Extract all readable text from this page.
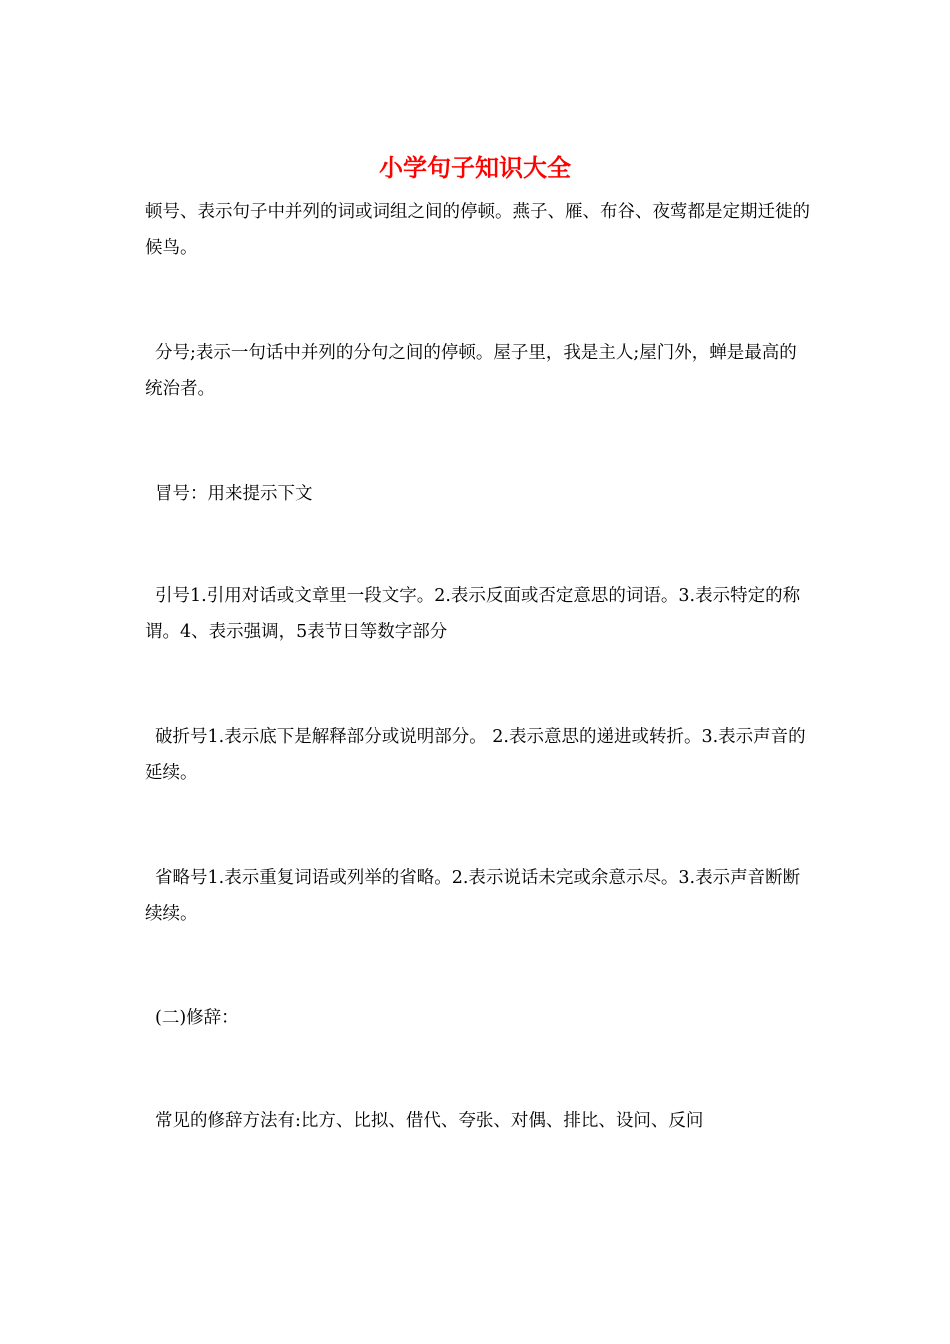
小学句子知识大全

顿号、表示句子中并列的词或词组之间的停顿。燕子、雁、布谷、夜莺都是定期迁徙的候鸟。

分号;表示一句话中并列的分句之间的停顿。屋子里，我是主人;屋门外，蝉是最高的统治者。

冒号：用来提示下文

引号1.引用对话或文章里一段文字。2.表示反面或否定意思的词语。3.表示特定的称谓。4、表示强调，5表节日等数字部分

破折号1.表示底下是解释部分或说明部分。 2.表示意思的递进或转折。3.表示声音的延续。

省略号1.表示重复词语或列举的省略。2.表示说话未完或余意示尽。3.表示声音断断续续。

(二)修辞：

常见的修辞方法有:比方、比拟、借代、夸张、对偶、排比、设问、反问
